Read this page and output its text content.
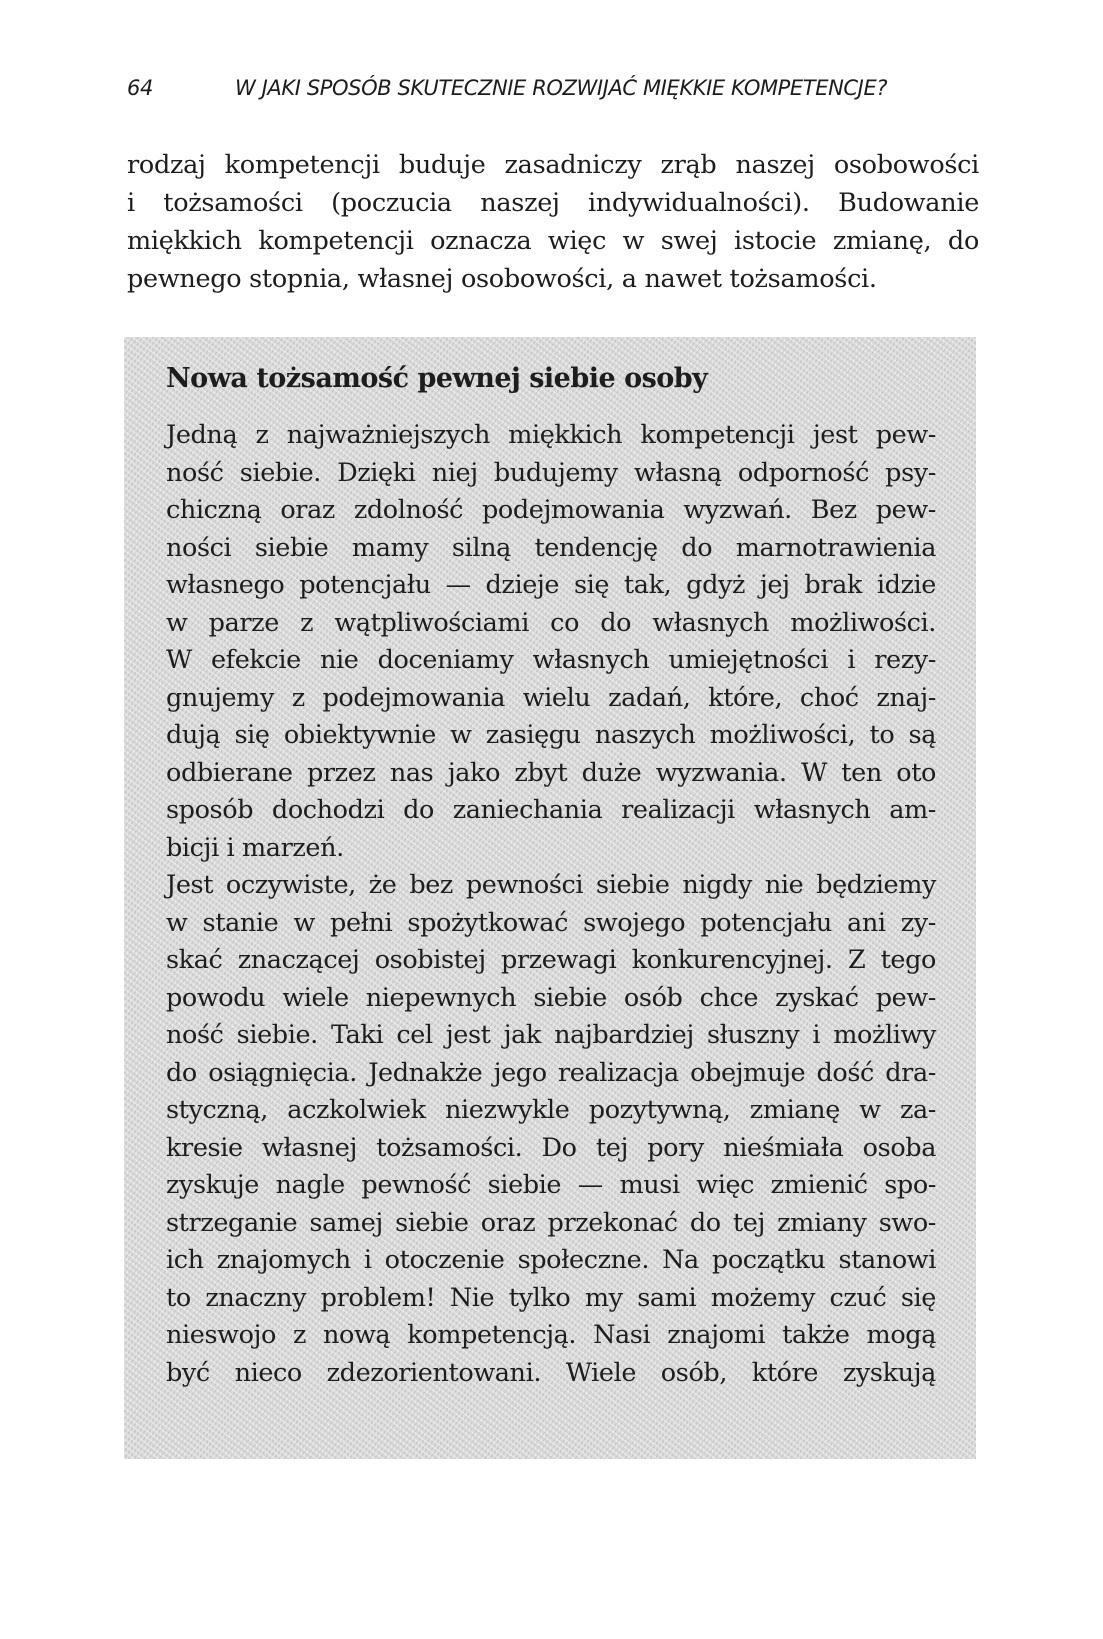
64	W JAKI SPOSÓB SKUTECZNIE ROZWIJAĆ MIĘKKIE KOMPETENCJE?
rodzaj kompetencji buduje zasadniczy zrąb naszej osobowości
i tożsamości (poczucia naszej indywidualności). Budowanie
miękkich kompetencji oznacza więc w swej istocie zmianę, do
pewnego stopnia, własnej osobowości, a nawet tożsamości.
Nowa tożsamość pewnej siebie osoby
Jedną z najważniejszych miękkich kompetencji jest pew-
ność siebie. Dzięki niej budujemy własną odporność psy-
chiczną oraz zdolność podejmowania wyzwań. Bez pew-
ności siebie mamy silną tendencję do marnotrawienia
własnego potencjału — dzieje się tak, gdyż jej brak idzie
w parze z wątpliwościami co do własnych możliwości.
W efekcie nie doceniamy własnych umiejętności i rezy-
gnujemy z podejmowania wielu zadań, które, choć znaj-
dują się obiektywnie w zasięgu naszych możliwości, to są
odbierane przez nas jako zbyt duże wyzwania. W ten oto
sposób dochodzi do zaniechania realizacji własnych am-
bicji i marzeń.
Jest oczywiste, że bez pewności siebie nigdy nie będziemy
w stanie w pełni spożytkować swojego potencjału ani zy-
skać znaczącej osobistej przewagi konkurencyjnej. Z tego
powodu wiele niepewnych siebie osób chce zyskać pew-
ność siebie. Taki cel jest jak najbardziej słuszny i możliwy
do osiągnięcia. Jednakże jego realizacja obejmuje dość dra-
styczną, aczkolwiek niezwykle pozytywną, zmianę w za-
kresie własnej tożsamości. Do tej pory nieśmiała osoba
zyskuje nagle pewność siebie — musi więc zmienić spo-
strzeganie samej siebie oraz przekonać do tej zmiany swo-
ich znajomych i otoczenie społeczne. Na początku stanowi
to znaczny problem! Nie tylko my sami możemy czuć się
nieswojo z nową kompetencją. Nasi znajomi także mogą
być nieco zdezorientowani. Wiele osób, które zyskują
